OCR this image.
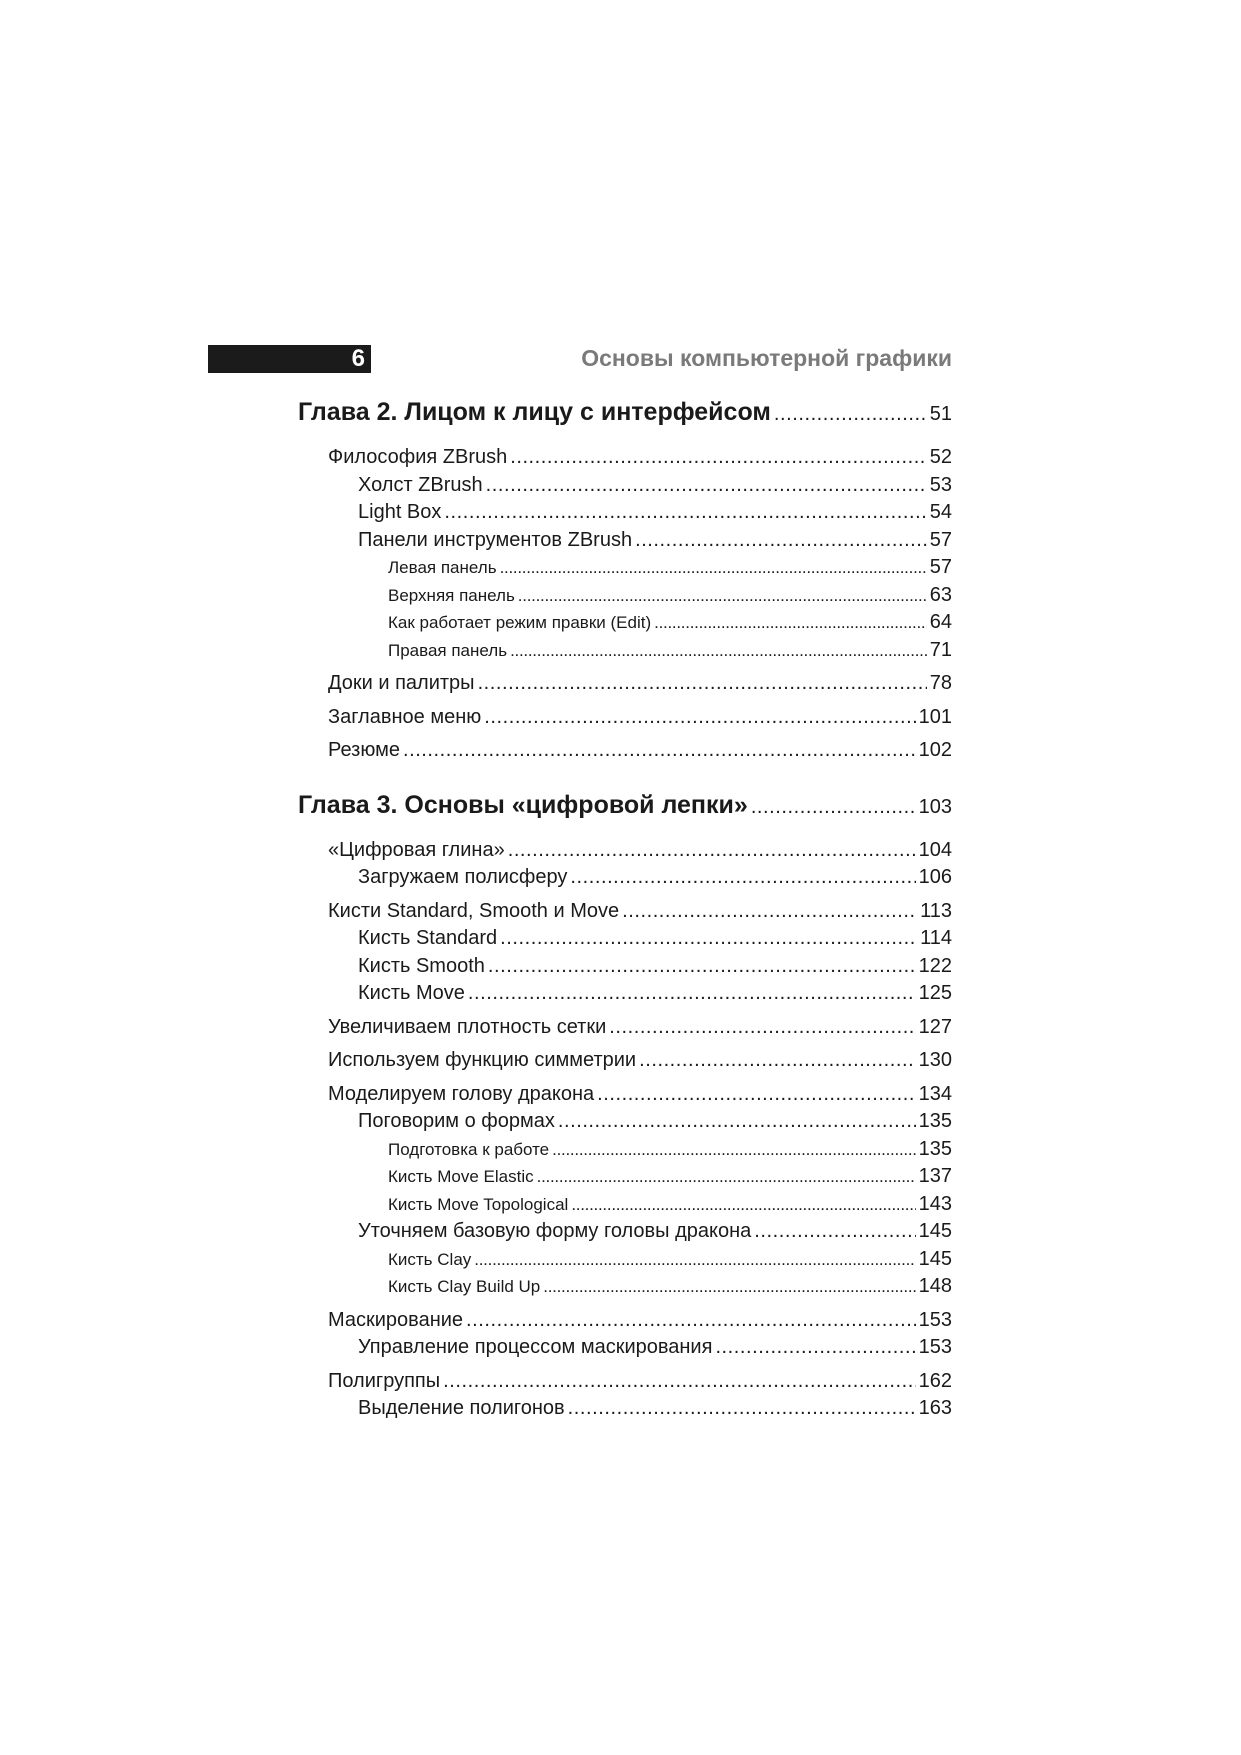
6	Основы компьютерной графики
Глава 2. Лицом к лицу с интерфейсом . . .	51
Философия ZBrush . . .	52
Холст ZBrush . . .	53
Light Box . . .	54
Панели инструментов ZBrush . . .	57
Левая панель . . .	57
Верхняя панель . . .	63
Как работает режим правки (Edit) . . .	64
Правая панель . . .	71
Доки и палитры . . .	78
Заглавное меню . . .	101
Резюме . . .	102
Глава 3. Основы «цифровой лепки» . . .	103
«Цифровая глина» . . .	104
Загружаем полисферу . . .	106
Кисти Standard, Smooth и Move . . .	113
Кисть Standard . . .	114
Кисть Smooth . . .	122
Кисть Move . . .	125
Увеличиваем плотность сетки . . .	127
Используем функцию симметрии . . .	130
Моделируем голову дракона . . .	134
Поговорим о формах . . .	135
Подготовка к работе . . .	135
Кисть Move Elastic . . .	137
Кисть Move Topological . . .	143
Уточняем базовую форму головы дракона . . .	145
Кисть Clay . . .	145
Кисть Clay Build Up . . .	148
Маскирование . . .	153
Управление процессом маскирования . . .	153
Полигруппы . . .	162
Выделение полигонов . . .	163
